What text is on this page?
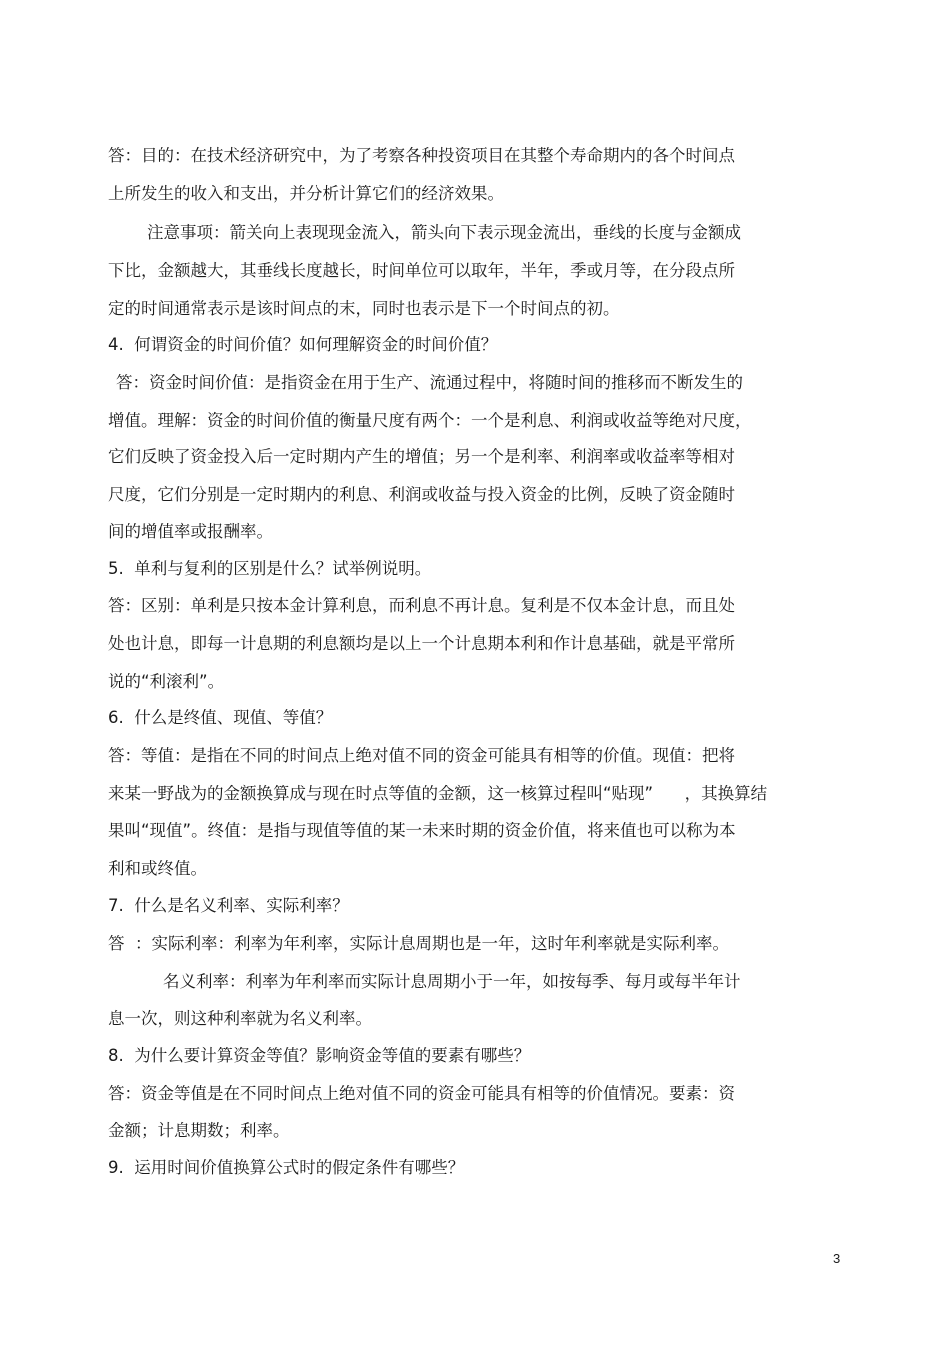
答：目的：在技术经济研究中，为了考察各种投资项目在其整个寿命期内的各个时间点
上所发生的收入和支出，并分析计算它们的经济效果。
注意事项：箭关向上表现现金流入，箭头向下表示现金流出，垂线的长度与金额成
下比，金额越大，其垂线长度越长，时间单位可以取年，半年，季或月等，在分段点所
定的时间通常表示是该时间点的末，同时也表示是下一个时间点的初。
4.  何谓资金的时间价值？如何理解资金的时间价值？
答：资金时间价值：是指资金在用于生产、流通过程中，将随时间的推移而不断发生的
增值。理解：资金的时间价值的衡量尺度有两个：一个是利息、利润或收益等绝对尺度，
它们反映了资金投入后一定时期内产生的增值；另一个是利率、利润率或收益率等相对
尺度，它们分别是一定时期内的利息、利润或收益与投入资金的比例，反映了资金随时
间的增值率或报酬率。
5.  单利与复利的区别是什么？试举例说明。
答：区别：单利是只按本金计算利息，而利息不再计息。复利是不仅本金计息，而且处
处也计息，即每一计息期的利息额均是以上一个计息期本利和作计息基础，就是平常所
说的“利滚利”。
6.  什么是终值、现值、等值？
答：等值：是指在不同的时间点上绝对值不同的资金可能具有相等的价值。现值：把将
来某一野战为的金额换算成与现在时点等值的金额，这一核算过程叫“贴现”      ，其换算结
果叫“现值”。终值：是指与现值等值的某一未来时期的资金价值，将来值也可以称为本
利和或终值。
7.  什么是名义利率、实际利率？
答  ：实际利率：利率为年利率，实际计息周期也是一年，这时年利率就是实际利率。
名义利率：利率为年利率而实际计息周期小于一年，如按每季、每月或每半年计
息一次，则这种利率就为名义利率。
8.  为什么要计算资金等值？影响资金等值的要素有哪些？
答：资金等值是在不同时间点上绝对值不同的资金可能具有相等的价值情况。要素：资
金额；计息期数；利率。
9.  运用时间价值换算公式时的假定条件有哪些？
3
